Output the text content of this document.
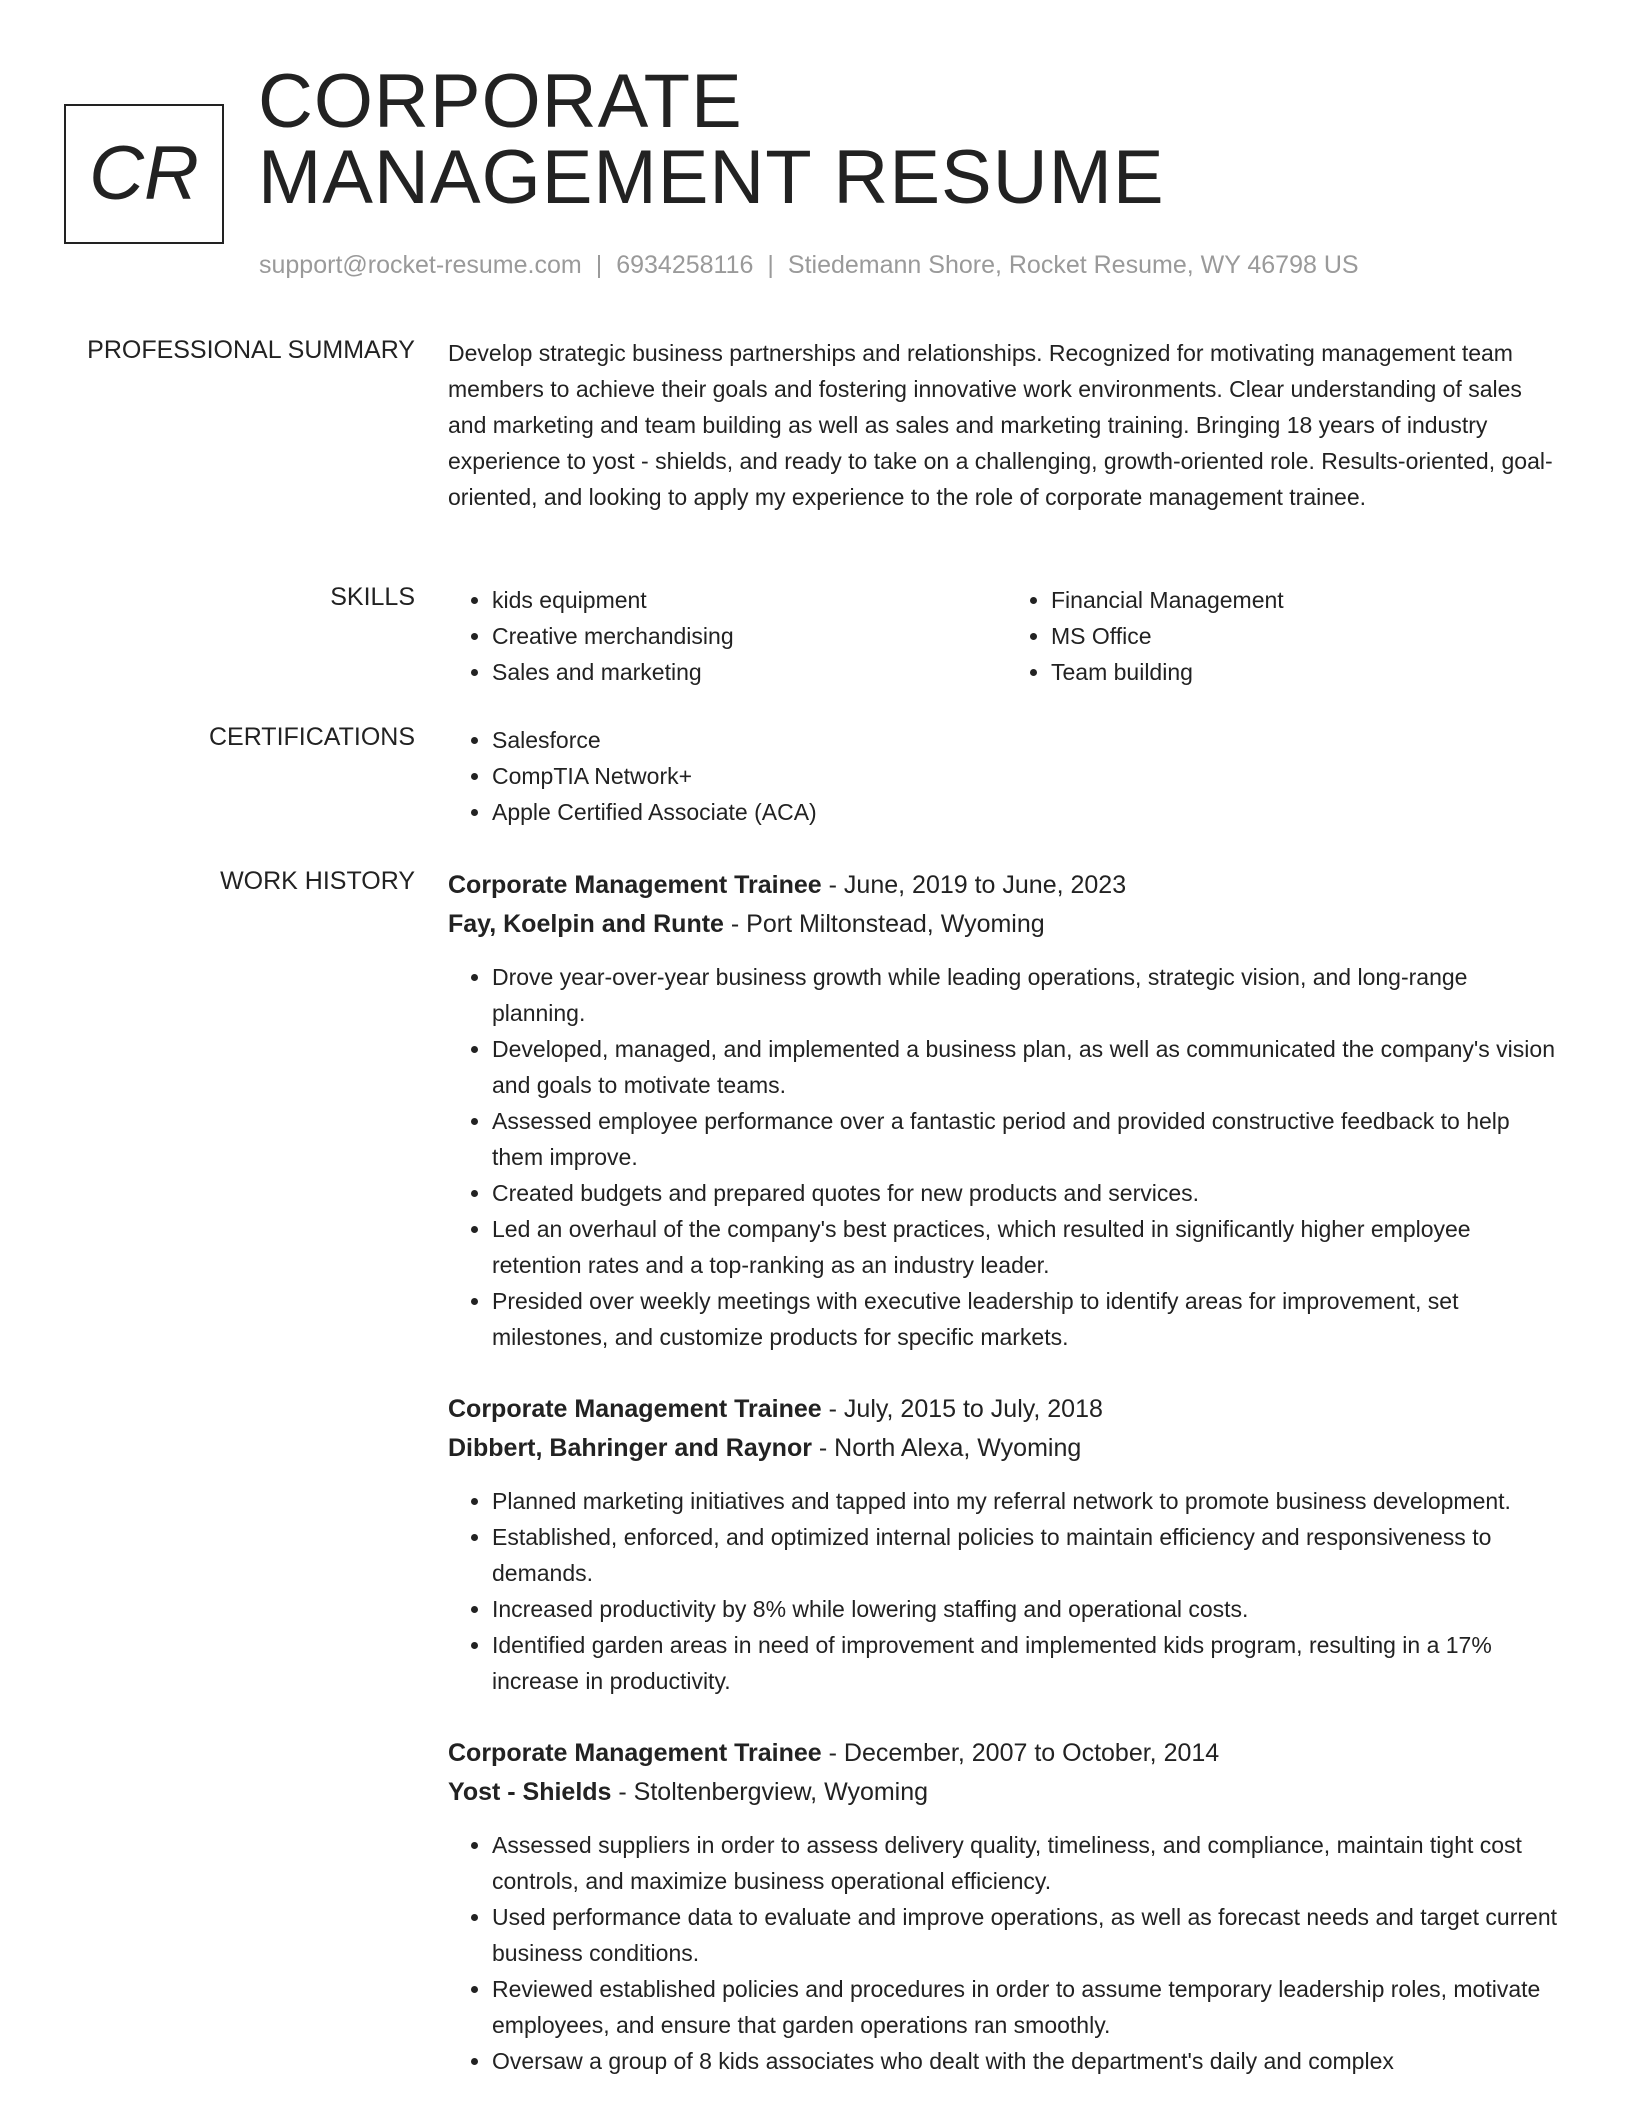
CR
CORPORATE
MANAGEMENT RESUME
support@rocket-resume.com | 6934258116 | Stiedemann Shore, Rocket Resume, WY 46798 US
PROFESSIONAL SUMMARY Develop strategic business partnerships and relationships. Recognized for motivating management team members to achieve their goals and fostering innovative work environments. Clear understanding of sales and marketing and team building as well as sales and marketing training. Bringing 18 years of industry experience to yost - shields, and ready to take on a challenging, growth-oriented role. Results-oriented, goal-oriented, and looking to apply my experience to the role of corporate management trainee.

SKILLS	• kids equipment
• Creative merchandising
• Sales and marketing
• Financial Management
• MS Office
• Team building
CERTIFICATIONS	• Salesforce
• CompTIA Network+
• Apple Certified Associate (ACA)
WORK HISTORY Corporate Management Trainee - June, 2019 to June, 2023
Fay, Koelpin and Runte - Port Miltonstead, Wyoming
• Drove year-over-year business growth while leading operations, strategic vision, and long-range planning.
• Developed, managed, and implemented a business plan, as well as communicated the company's vision and goals to motivate teams.
• Assessed employee performance over a fantastic period and provided constructive feedback to help them improve.
• Created budgets and prepared quotes for new products and services.
• Led an overhaul of the company's best practices, which resulted in significantly higher employee retention rates and a top-ranking as an industry leader.
• Presided over weekly meetings with executive leadership to identify areas for improvement, set milestones, and customize products for specific markets.
Corporate Management Trainee - July, 2015 to July, 2018
Dibbert, Bahringer and Raynor - North Alexa, Wyoming
• Planned marketing initiatives and tapped into my referral network to promote business development.
• Established, enforced, and optimized internal policies to maintain efficiency and responsiveness to demands.
• Increased productivity by 8% while lowering staffing and operational costs.
• Identified garden areas in need of improvement and implemented kids program, resulting in a 17% increase in productivity.
Corporate Management Trainee - December, 2007 to October, 2014
Yost - Shields - Stoltenbergview, Wyoming
• Assessed suppliers in order to assess delivery quality, timeliness, and compliance, maintain tight cost controls, and maximize business operational efficiency.
• Used performance data to evaluate and improve operations, as well as forecast needs and target current business conditions.
• Reviewed established policies and procedures in order to assume temporary leadership roles, motivate employees, and ensure that garden operations ran smoothly.
• Oversaw a group of 8 kids associates who dealt with the department's daily and complex
